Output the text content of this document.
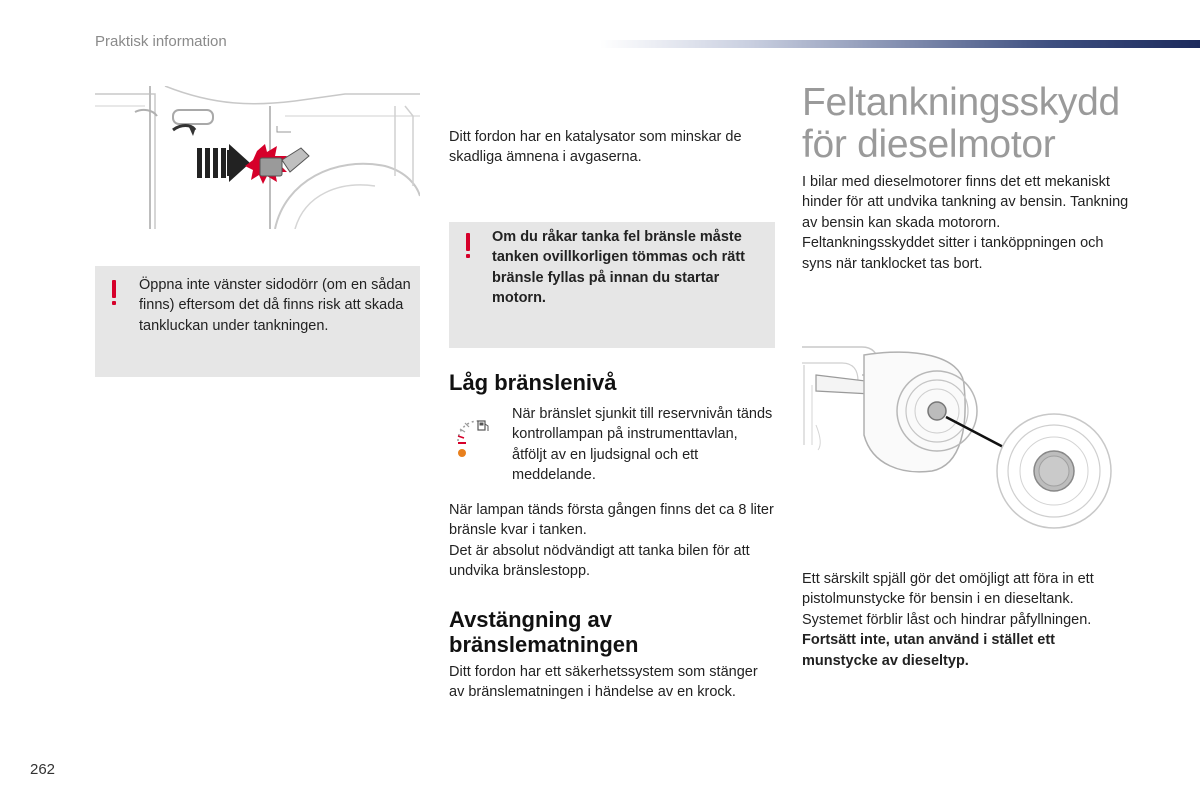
Praktisk information
Öppna inte vänster sidodörr (om en sådan finns) eftersom det då finns risk att skada tankluckan under tankningen.
Ditt fordon har en katalysator som minskar de skadliga ämnena i avgaserna.
Om du råkar tanka fel bränsle måste tanken ovillkorligen tömmas och rätt bränsle fyllas på innan du startar motorn.
Låg bränslenivå
När bränslet sjunkit till reservnivån tänds kontrollampan på instrumenttavlan, åtföljt av en ljudsignal och ett meddelande.

När lampan tänds första gången finns det ca 8 liter bränsle kvar i tanken.

Det är absolut nödvändigt att tanka bilen för att undvika bränslestopp.

Avstängning av bränslematningen
Ditt fordon har ett säkerhetssystem som stänger av bränslematningen i händelse av en krock.
Feltankningsskydd för dieselmotor

I bilar med dieselmotorer finns det ett mekaniskt hinder för att undvika tankning av bensin. Tankning av bensin kan skada motororn.

Feltankningsskyddet sitter i tanköppningen och syns när tanklocket tas bort.

Ett särskilt spjäll gör det omöjligt att föra in ett pistolmunstycke för bensin i en dieseltank. Systemet förblir låst och hindrar påfyllningen.

Fortsätt inte, utan använd i stället ett munstycke av dieseltyp.

262
